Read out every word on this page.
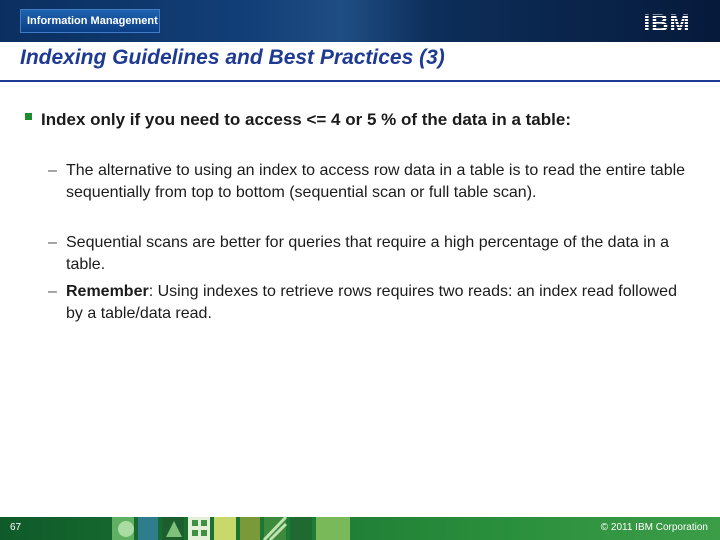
Information Management	IBM
Indexing Guidelines and Best Practices (3)
Index only if you need to access <= 4 or 5 % of the data in a table:
– The alternative to using an index to access row data in a table is to read the entire table sequentially from top to bottom (sequential scan or full table scan).
– Sequential scans are better for queries that require a high percentage of the data in a table.
– Remember: Using indexes to retrieve rows requires two reads: an index read followed by a table/data read.
67	© 2011 IBM Corporation
